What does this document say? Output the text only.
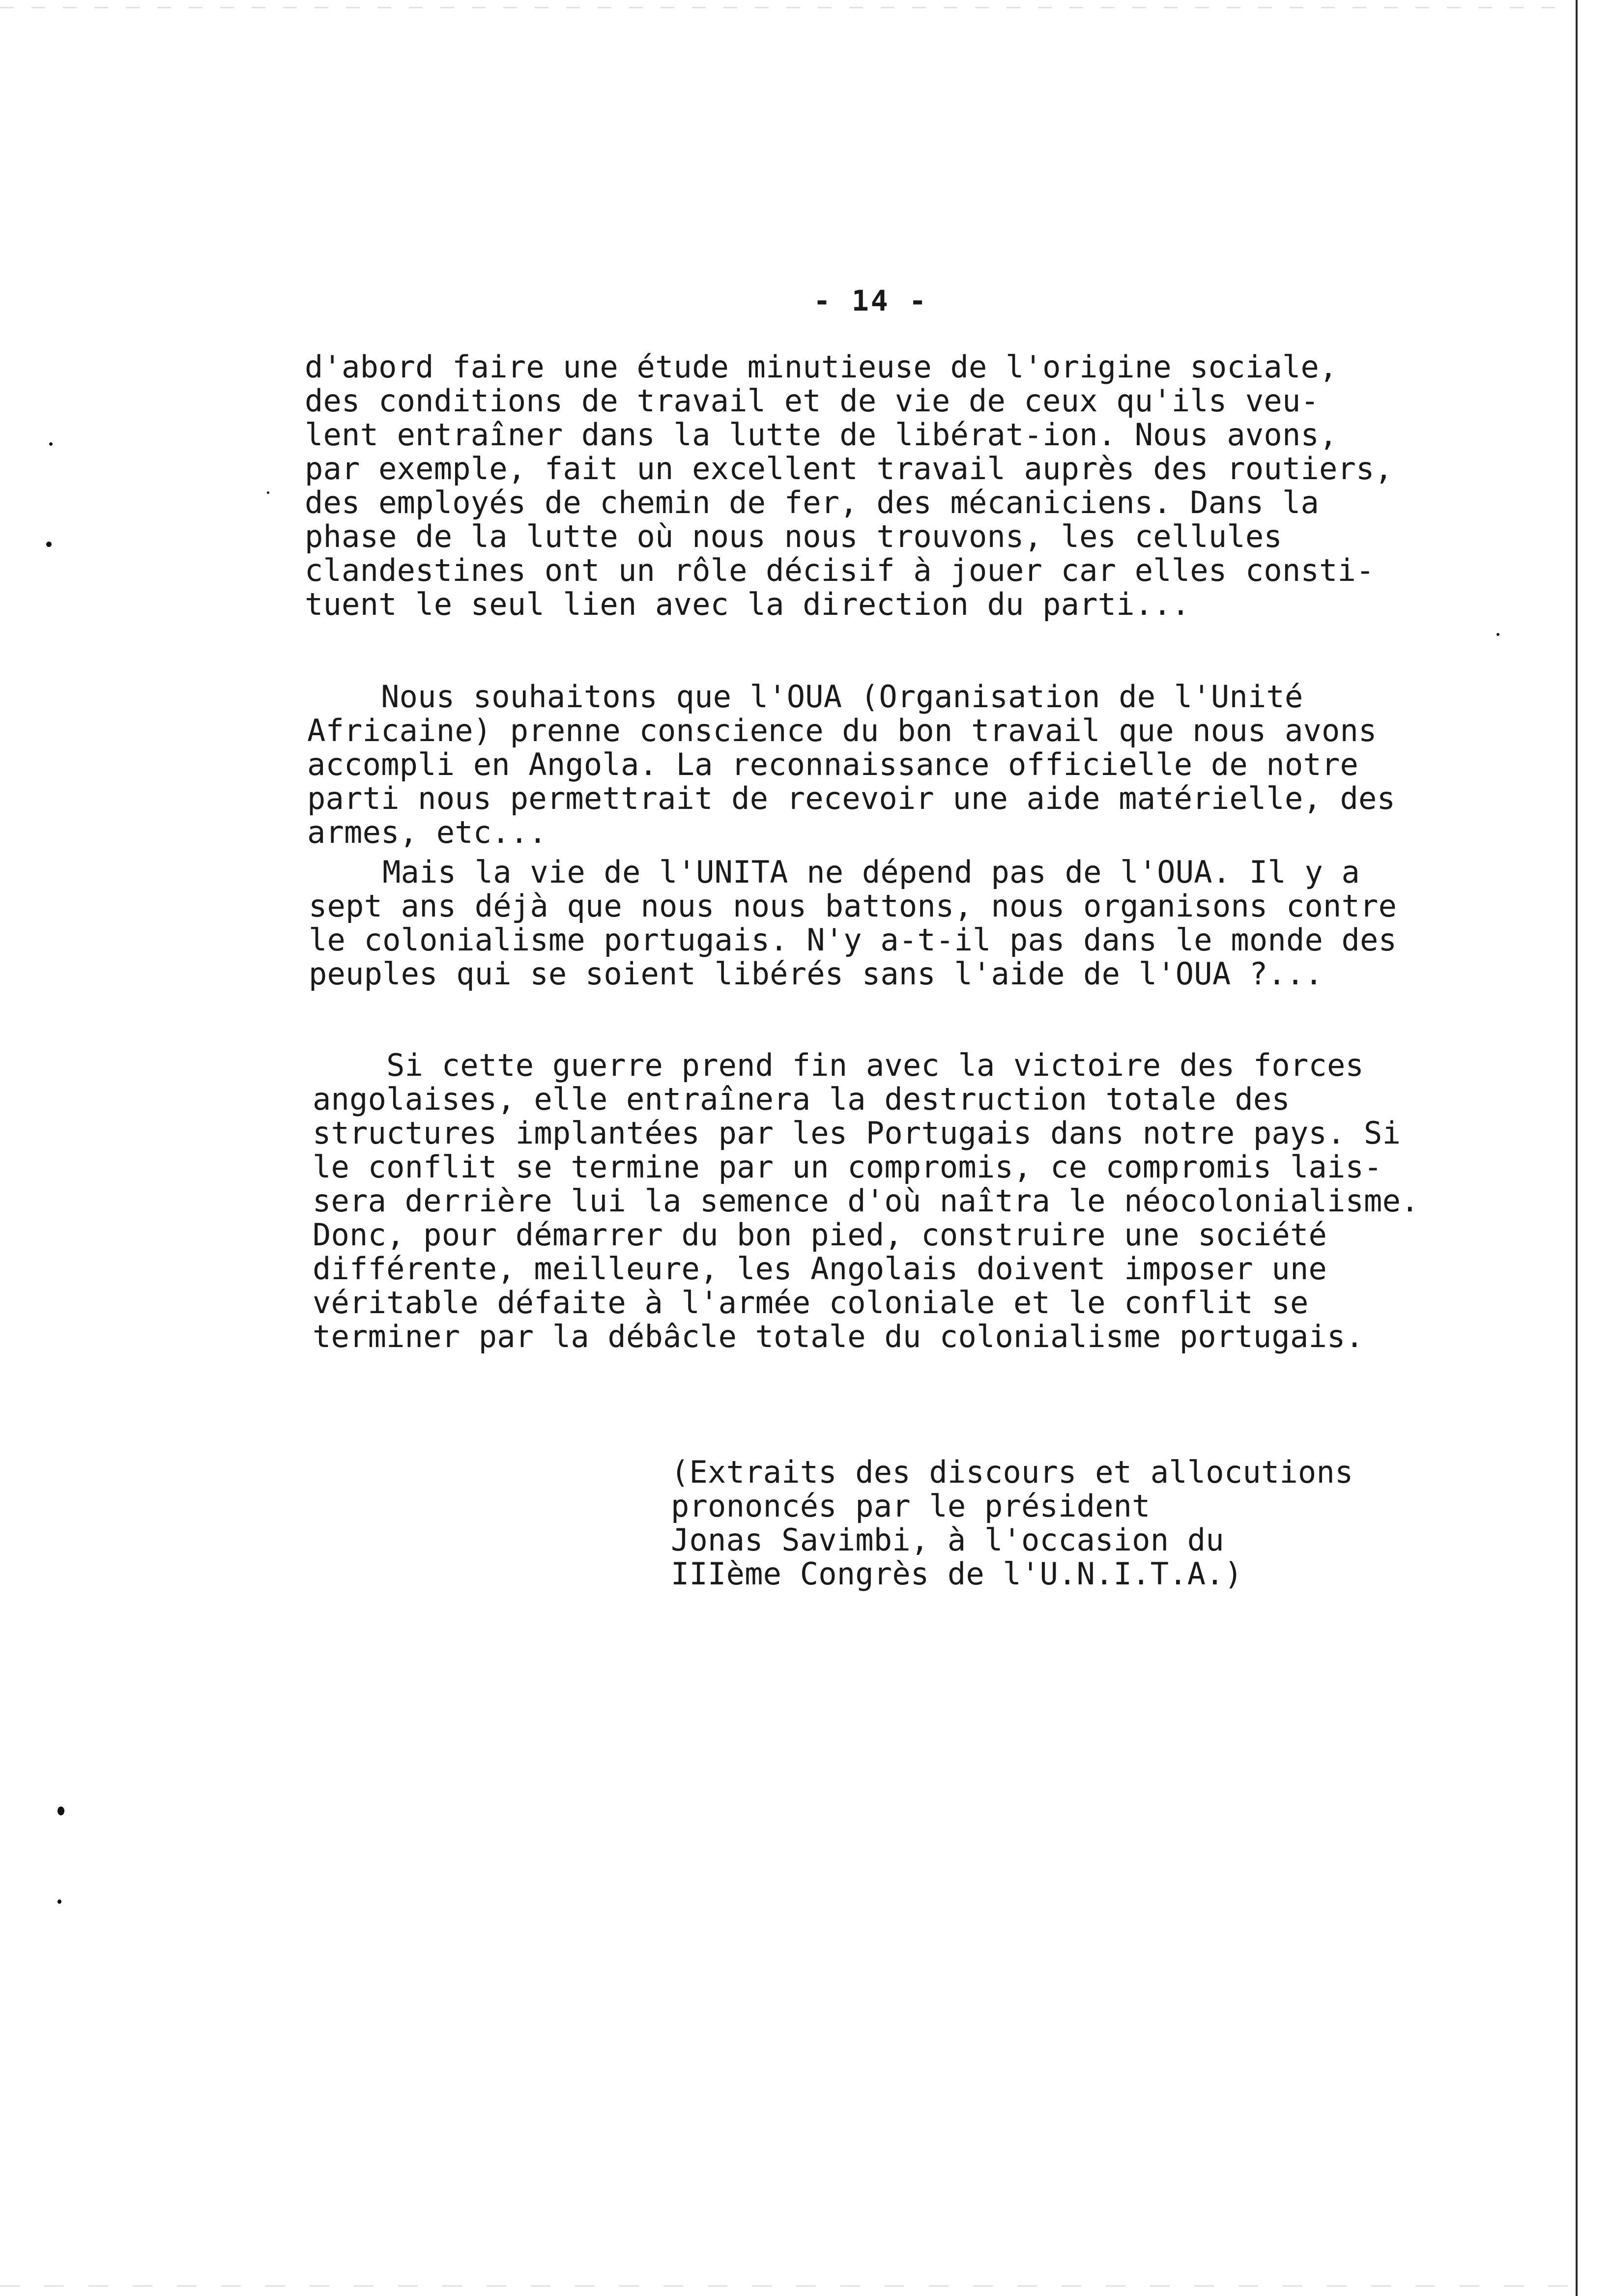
- 14 -

d'abord faire une étude minutieuse de l'origine sociale,
des conditions de travail et de vie de ceux qu'ils veu-
lent entraîner dans la lutte de libérat-ion. Nous avons,
par exemple, fait un excellent travail auprès des routiers,
des employés de chemin de fer, des mécaniciens. Dans la
phase de la lutte où nous nous trouvons, les cellules
clandestines ont un rôle décisif à jouer car elles consti-
tuent le seul lien avec la direction du parti...

Nous souhaitons que l'OUA (Organisation de l'Unité
Africaine) prenne conscience du bon travail que nous avons
accompli en Angola. La reconnaissance officielle de notre
parti nous permettrait de recevoir une aide matérielle, des
armes, etc...

Mais la vie de l'UNITA ne dépend pas de l'OUA. Il y a
sept ans déjà que nous nous battons, nous organisons contre
le colonialisme portugais. N'y a-t-il pas dans le monde des
peuples qui se soient libérés sans l'aide de l'OUA ?...

Si cette guerre prend fin avec la victoire des forces
angolaises, elle entraînera la destruction totale des
structures implantées par les Portugais dans notre pays. Si
le conflit se termine par un compromis, ce compromis lais-
sera derrière lui la semence d'où naîtra le néocolonialisme.
Donc, pour démarrer du bon pied, construire une société
différente, meilleure, les Angolais doivent imposer une
véritable défaite à l'armée coloniale et le conflit se
terminer par la débâcle totale du colonialisme portugais.

(Extraits des discours et allocutions
prononcés par le président
Jonas Savimbi, à l'occasion du
IIIème Congrès de l'U.N.I.T.A.)
